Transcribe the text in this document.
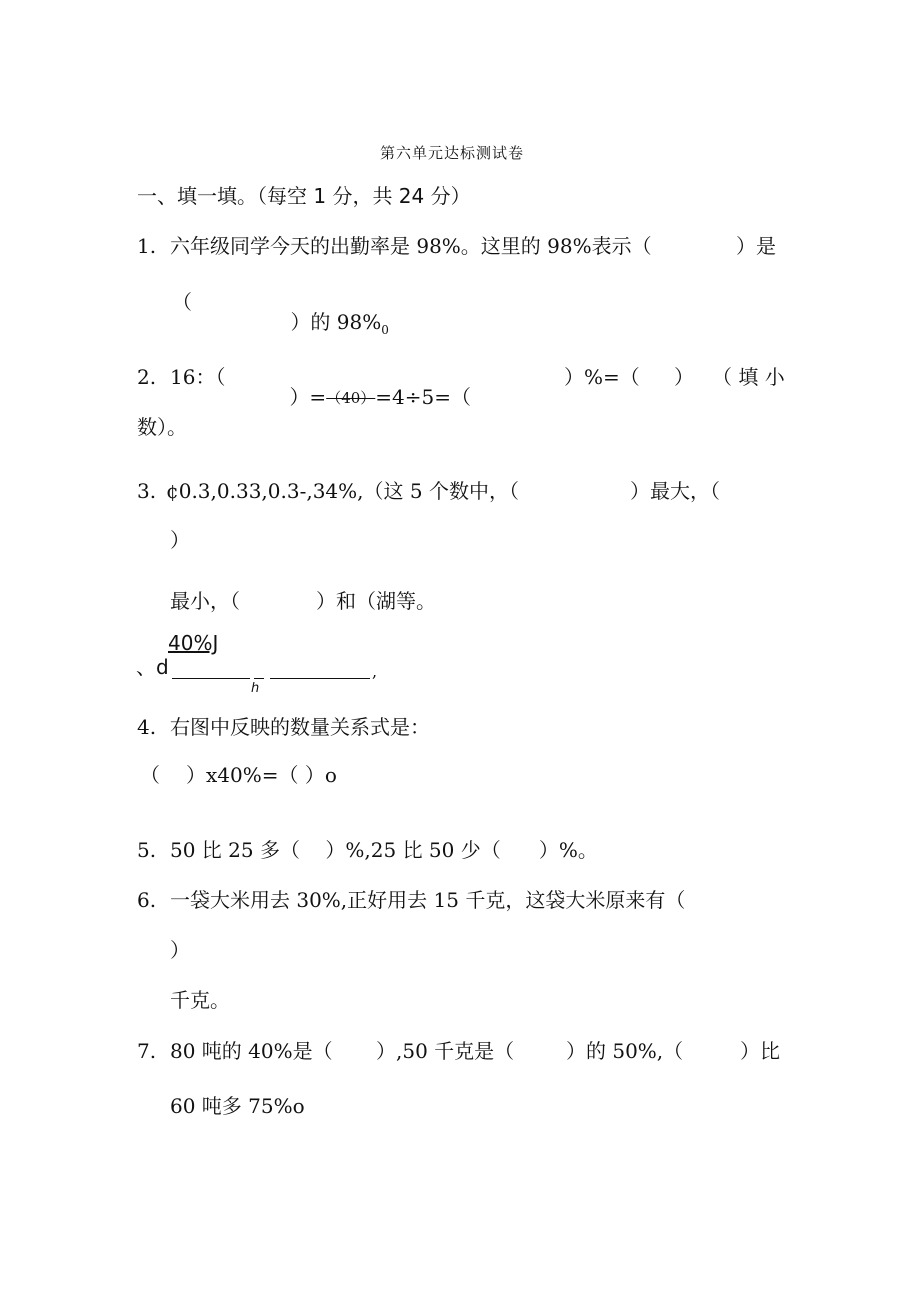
第六单元达标测试卷
一、填一填。（每空 1 分，共 24 分）
1. 六年级同学今天的出勤率是 98%。这里的 98%表示（	）是
（

）的 $98\%_0$

2. 16：（

）=（40）=4÷5=（

）%=（ ） （ 填 小
数）。
3. ¢0.3,0.33,0.3-,34%,（这 5 个数中，（	）最大，（
）
最小，（	）和（湖等。
40%J
、d
h
,
4. 右图中反映的数量关系式是：
（ ）x40%=（ ）o
5. 50 比 25 多（    ）%,25 比 50 少（      ）%。
6. 一袋大米用去 30%,正好用去 15 千克，这袋大米原来有（
）
千克。
7. 80 吨的 40%是（ ）,50 千克是（	）的 50%,（	）比
60 吨多 75%o
